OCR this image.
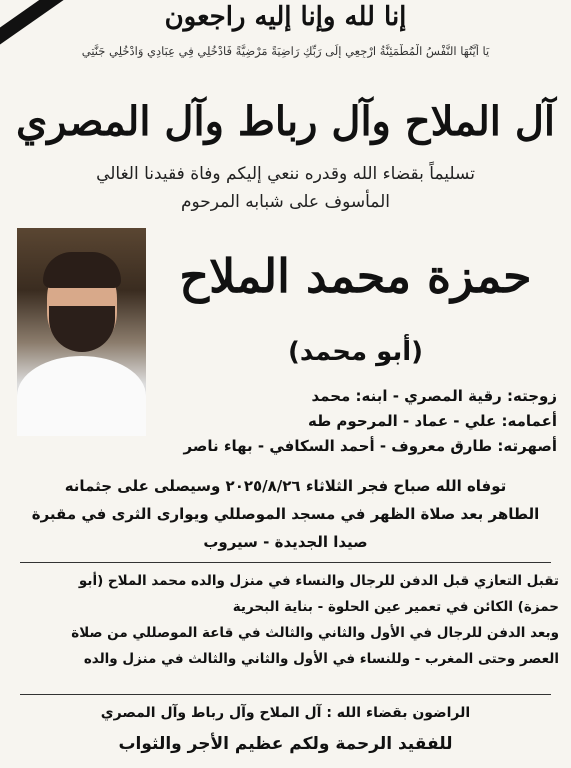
إنا لله وإنا إليه راجعون
يَا أَيَّتُهَا النَّفْسُ الْمُطْمَئِنَّةُ ارْجِعِي إِلَى رَبِّكِ رَاضِيَةً مَرْضِيَّةً فَادْخُلِي فِي عِبَادِي وَادْخُلِي جَنَّتِي
آل الملاح وآل رباط وآل المصري
تسليماً بقضاء الله وقدره ننعي إليكم وفاة فقيدنا الغالي
المأسوف على شبابه المرحوم
حمزة محمد الملاح
(أبو محمد)
زوجته: رقية المصري - ابنه: محمد
أعمامه: علي - عماد - المرحوم طه
أصهرته: طارق معروف - أحمد السكافي - بهاء ناصر
توفاه الله صباح فجر الثلاثاء ٢٠٢٥/٨/٢٦ وسيصلى على جثمانه
الطاهر بعد صلاة الظهر في مسجد الموصللي ويوارى الثرى في مقبرة
صيدا الجديدة - سيروب
تقبل التعازي قبل الدفن للرجال والنساء في منزل والده محمد الملاح (أبو
حمزة) الكائن في تعمير عين الحلوة - بناية البحرية
وبعد الدفن للرجال في الأول والثاني والثالث في قاعة الموصللي من صلاة
العصر وحتى المغرب - وللنساء في الأول والثاني والثالث في منزل والده
الراضون بقضاء الله : آل الملاح وآل رباط وآل المصري
للفقيد الرحمة ولكم عظيم الأجر والثواب
